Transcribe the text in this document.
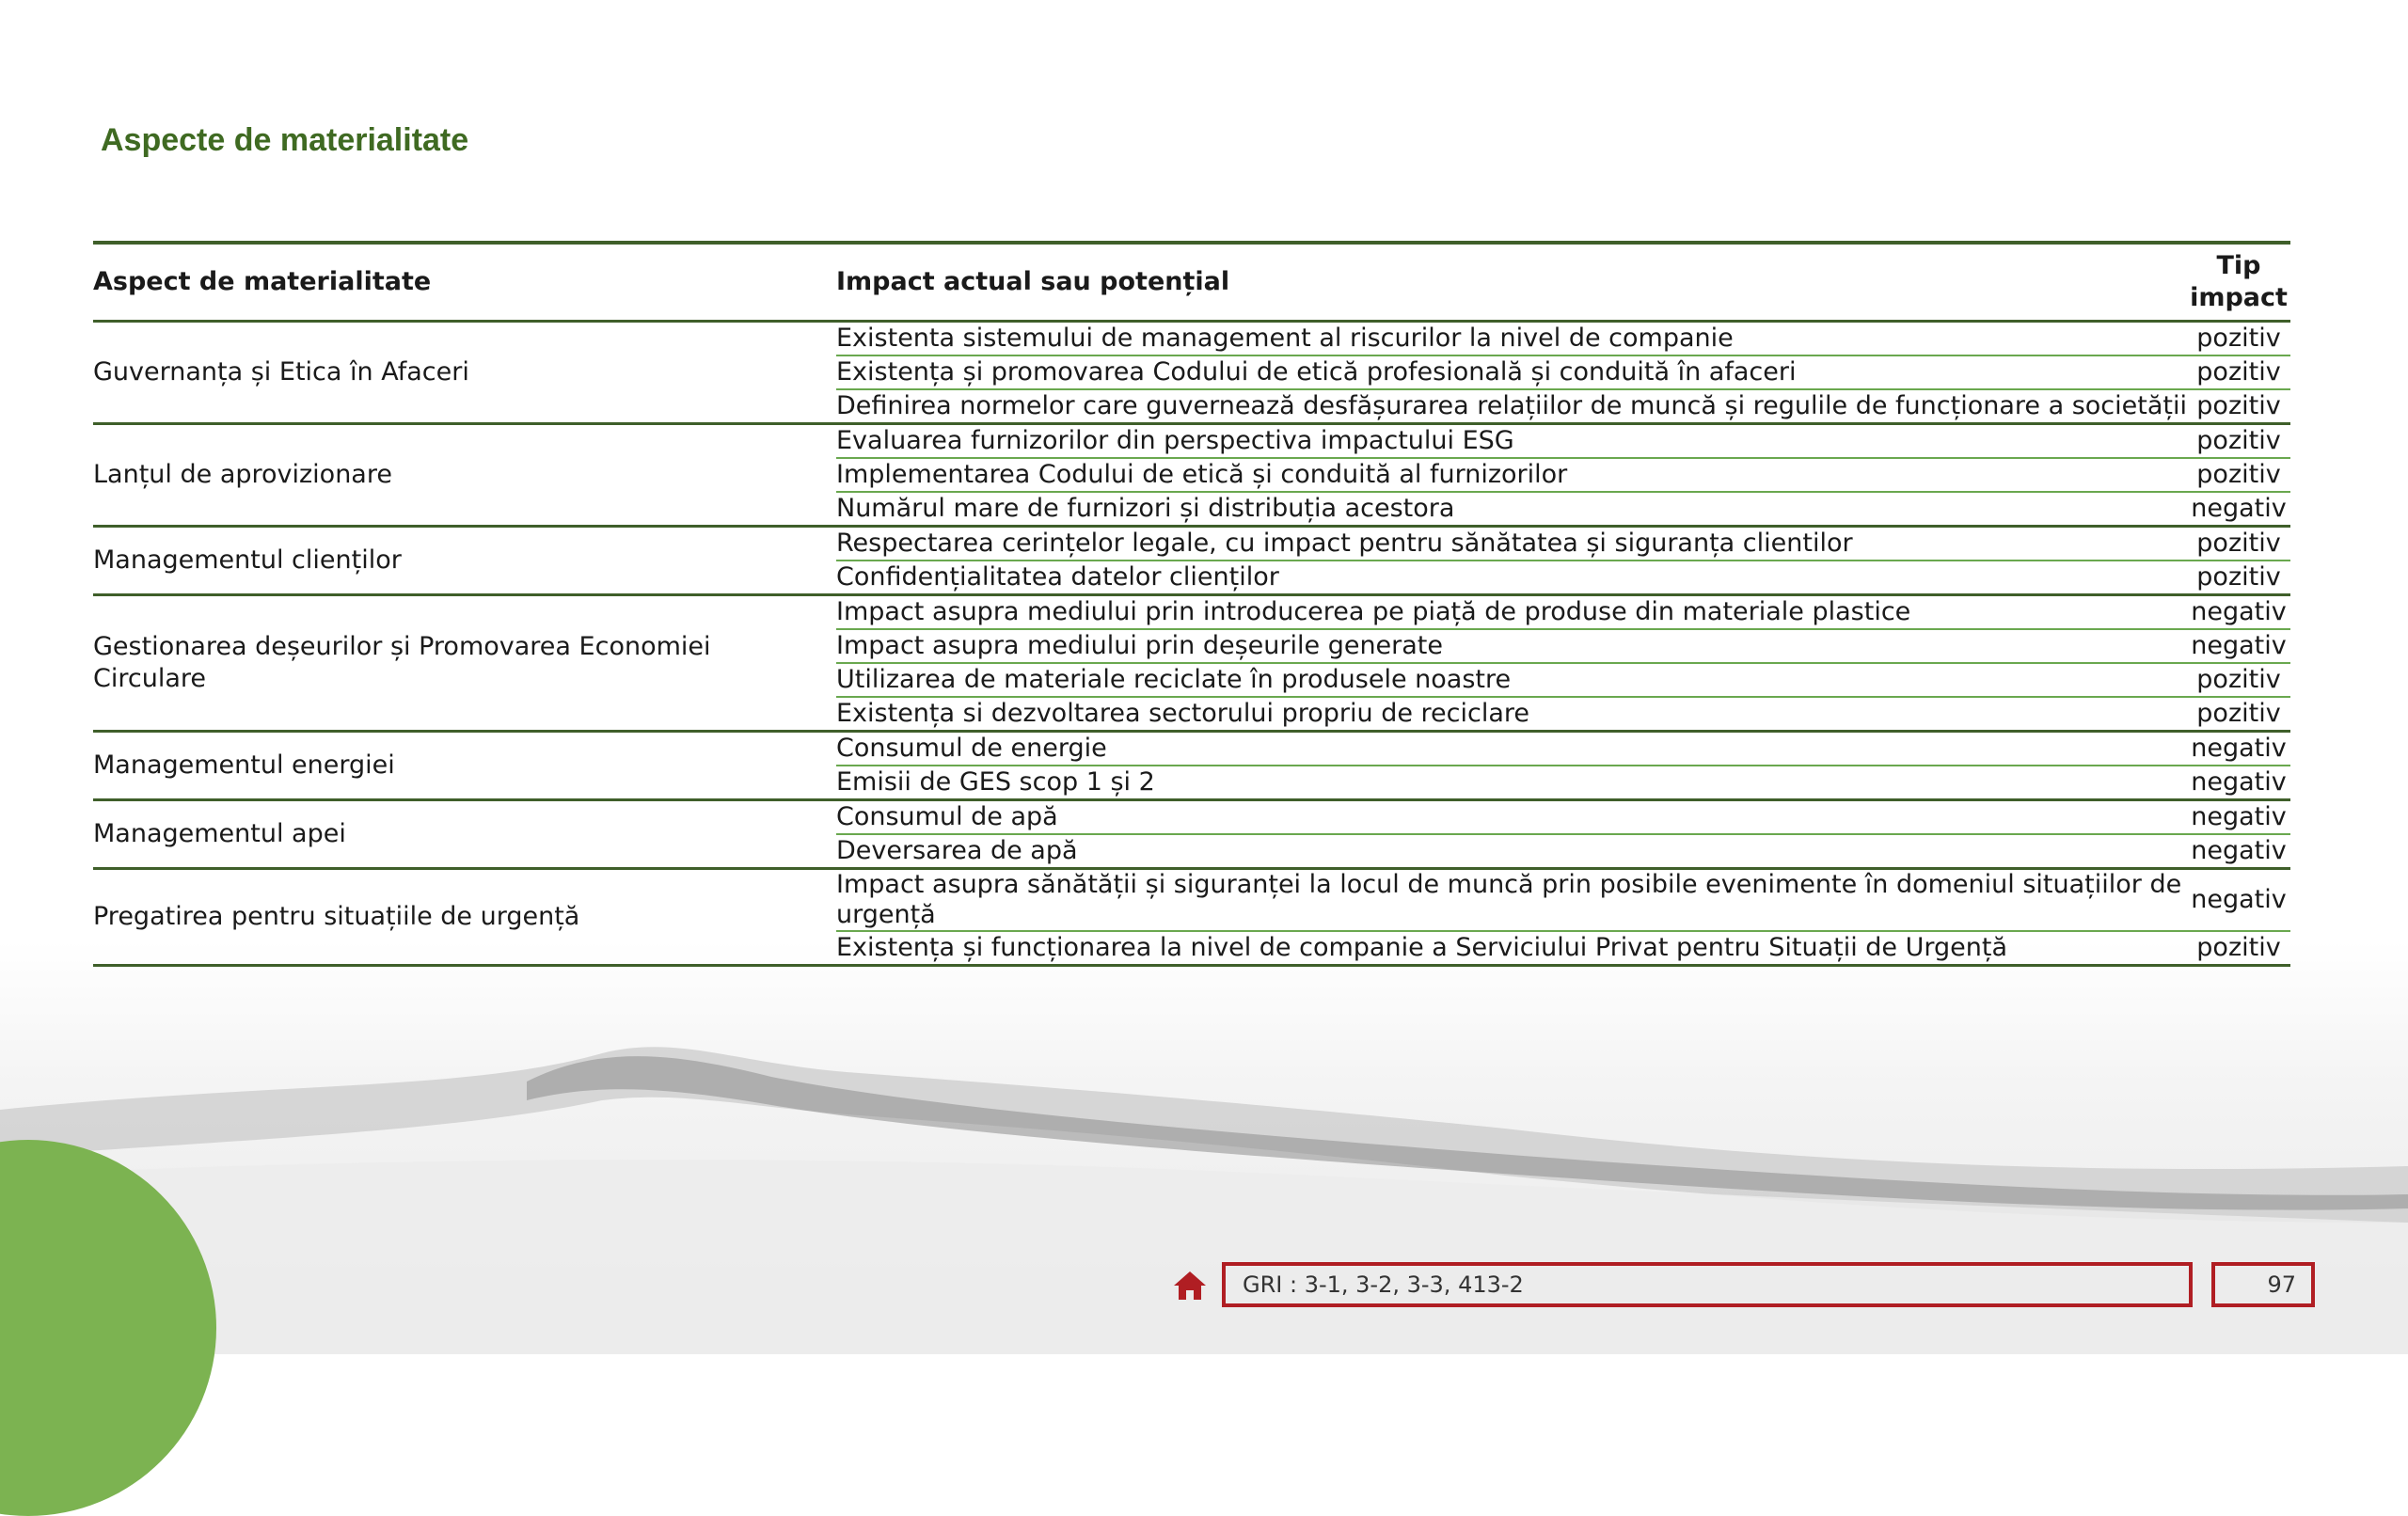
Aspecte de materialitate
Aspect de materialitate	Impact actual sau potențial	Tip impact
Guvernanța și Etica în Afaceri	Existenta sistemului de management al riscurilor la nivel de companie	pozitiv
	Existența și promovarea Codului de etică profesională și conduită în afaceri	pozitiv
	Definirea normelor care guvernează desfășurarea relațiilor de muncă și regulile de funcționare a societății	pozitiv
Lanțul de aprovizionare	Evaluarea furnizorilor din perspectiva impactului ESG	pozitiv
	Implementarea Codului de etică și conduită al furnizorilor	pozitiv
	Numărul mare de furnizori și distribuția acestora	negativ
Managementul clienților	Respectarea cerințelor legale, cu impact pentru sănătatea și siguranța clientilor	pozitiv
	Confidențialitatea datelor clienților	pozitiv
Gestionarea deșeurilor și Promovarea Economiei Circulare	Impact asupra mediului prin introducerea pe piață de produse din materiale plastice	negativ
	Impact asupra mediului prin deșeurile generate	negativ
	Utilizarea de materiale reciclate în produsele noastre	pozitiv
	Existența si dezvoltarea sectorului propriu de reciclare	pozitiv
Managementul energiei	Consumul de energie	negativ
	Emisii de GES scop 1 și 2	negativ
Managementul apei	Consumul de apă	negativ
	Deversarea de apă	negativ
Pregatirea pentru situațiile de urgență	Impact asupra sănătății și siguranței la locul de muncă prin posibile evenimente în domeniul situațiilor de urgență	negativ
	Existența și funcționarea la nivel de companie a Serviciului Privat pentru Situații de Urgență	pozitiv
GRI : 3-1, 3-2, 3-3, 413-2	97
